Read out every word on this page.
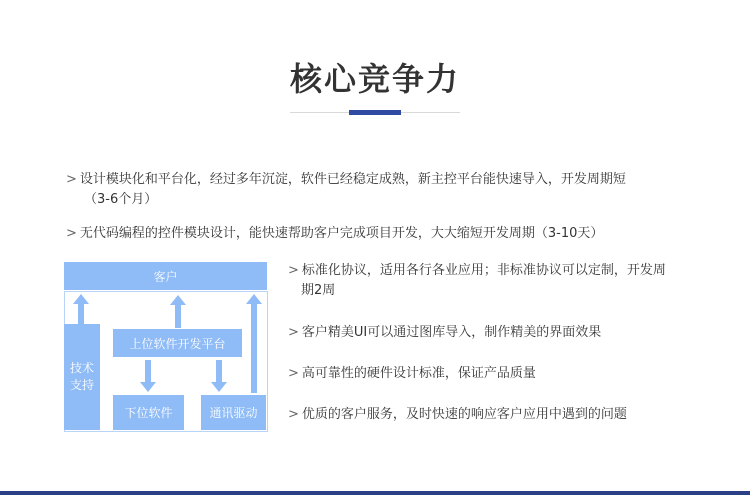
核心竞争力
> 设计模块化和平台化，经过多年沉淀，软件已经稳定成熟，新主控平台能快速导入，开发周期短
（3-6个月）
> 无代码编程的控件模块设计，能快速帮助客户完成项目开发，大大缩短开发周期（3-10天）
客户
技术
支持
上位软件开发平台
下位软件	通讯驱动
> 标准化协议，适用各行各业应用；非标准协议可以定制，开发周
期2周
> 客户精美UI可以通过图库导入，制作精美的界面效果
> 高可靠性的硬件设计标准，保证产品质量
> 优质的客户服务，及时快速的响应客户应用中遇到的问题
